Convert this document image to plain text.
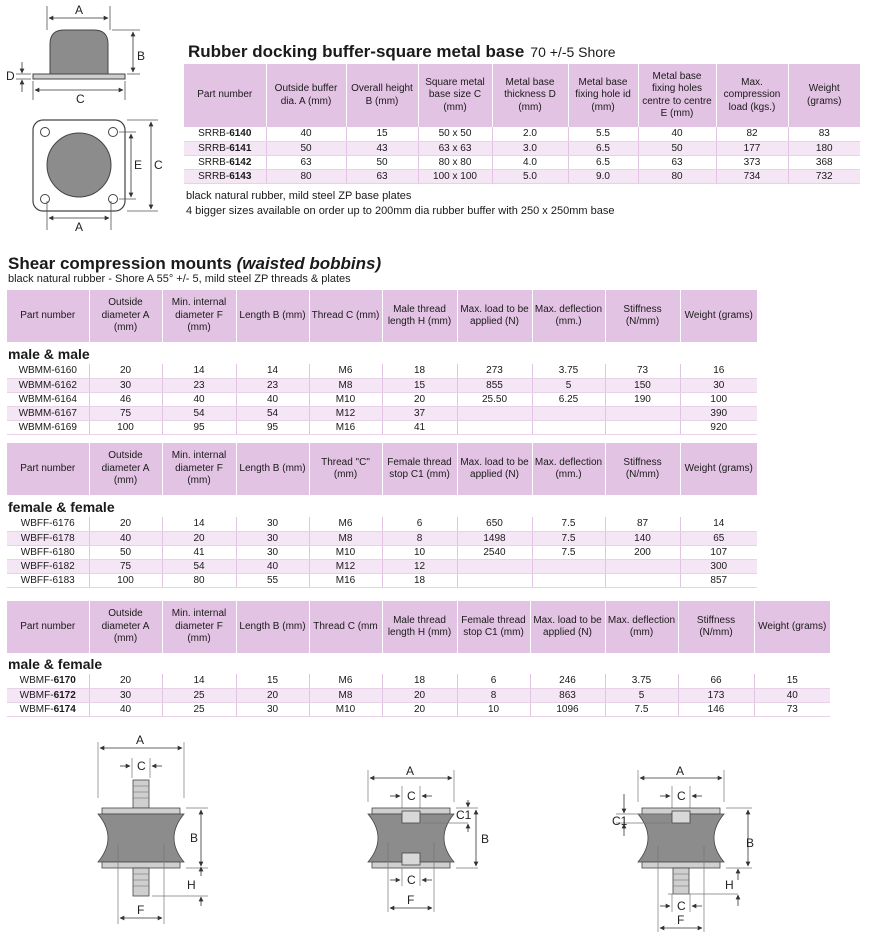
A
B
C
D
E C
A
Rubber docking buffer-square metal base 70 +/-5 Shore
Part number	Outside buffer dia. A (mm)	Overall height B (mm)	Square metal base size C (mm)	Metal base thickness D (mm)	Metal base fixing hole id (mm)	Metal base fixing holes centre to centre E (mm)	Max. compression load (kgs.)	Weight (grams)
SRRB-6140	40	15	50 x 50	2.0	5.5	40	82	83
SRRB-6141	50	43	63 x 63	3.0	6.5	50	177	180
SRRB-6142	63	50	80 x 80	4.0	6.5	63	373	368
SRRB-6143	80	63	100 x 100	5.0	9.0	80	734	732
black natural rubber, mild steel ZP base plates
4 bigger sizes available on order up to 200mm dia rubber buffer with 250 x 250mm base
Shear compression mounts (waisted bobbins)
black natural rubber - Shore A 55° +/- 5, mild steel ZP threads & plates
Part number	Outside diameter A (mm)	Min. internal diameter F (mm)	Length B (mm)	Thread C (mm)	Male thread length H (mm)	Max. load to be applied (N)	Max. deflection (mm.)	Stiffness (N/mm)	Weight (grams)
male & male
WBMM-6160	20	14	14	M6	18	273	3.75	73	16
WBMM-6162	30	23	23	M8	15	855	5	150	30
WBMM-6164	46	40	40	M10	20	25.50	6.25	190	100
WBMM-6167	75	54	54	M12	37				390
WBMM-6169	100	95	95	M16	41				920
Part number	Outside diameter A (mm)	Min. internal diameter F (mm)	Length B (mm)	Thread "C" (mm)	Female thread stop C1 (mm)	Max. load to be applied (N)	Max. deflection (mm.)	Stiffness (N/mm)	Weight (grams)
female & female
WBFF-6176	20	14	30	M6	6	650	7.5	87	14
WBFF-6178	40	20	30	M8	8	1498	7.5	140	65
WBFF-6180	50	41	30	M10	10	2540	7.5	200	107
WBFF-6182	75	54	40	M12	12				300
WBFF-6183	100	80	55	M16	18				857
Part number	Outside diameter A (mm)	Min. internal diameter F (mm)	Length B (mm)	Thread C (mm	Male thread length H (mm)	Female thread stop C1 (mm)	Max. load to be applied (N)	Max. deflection (mm)	Stiffness (N/mm)	Weight (grams)
male & female
WBMF-6170	20	14	15	M6	18	6	246	3.75	66	15
WBMF-6172	30	25	20	M8	20	8	863	5	173	40
WBMF-6174	40	25	30	M10	20	10	1096	7.5	146	73
A
C
B
H
F
A
C
B
C1
C
F
A
C
C1
B
H
C
F
